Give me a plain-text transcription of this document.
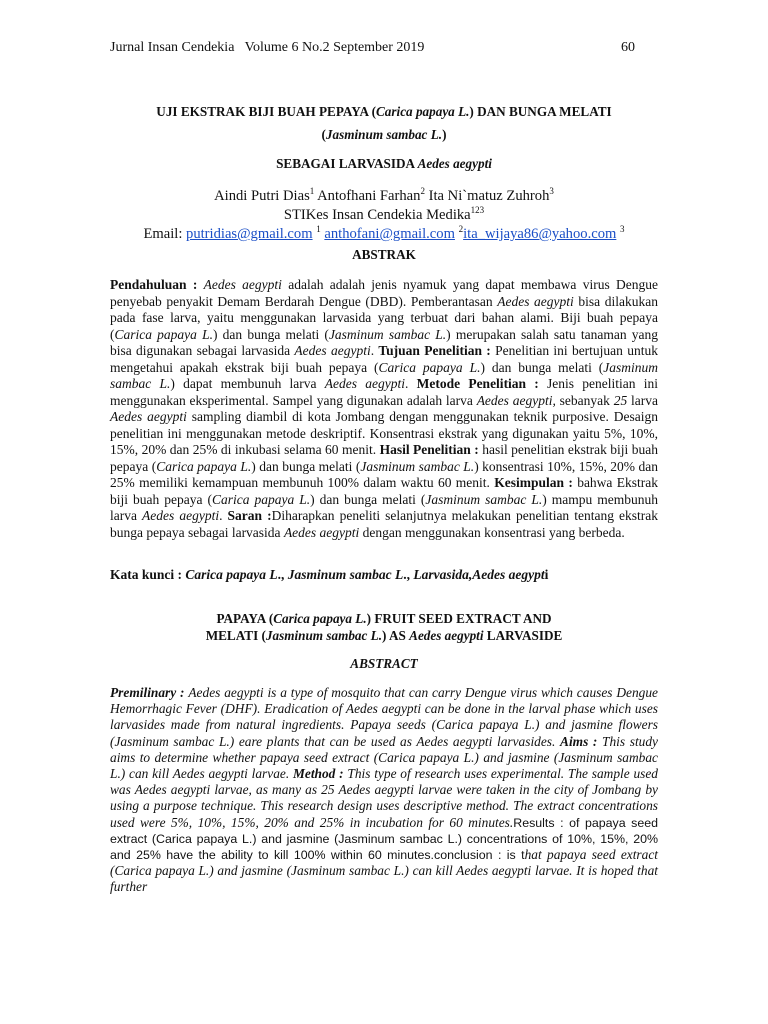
Jurnal Insan Cendekia   Volume 6 No.2 September 2019	60
UJI EKSTRAK BIJI BUAH PEPAYA (Carica papaya L.) DAN BUNGA MELATI
(Jasminum sambac L.)
SEBAGAI LARVASIDA Aedes aegypti
Aindi Putri Dias$^1$ Antofhani Farhan$^2$ Ita Ni`matuz Zuhroh$^3$
STIKes Insan Cendekia Medika$^{123}$
Email: putridias@gmail.com $^1$ anthofani@gmail.com $^2$ita_wijaya86@yahoo.com $^3$
ABSTRAK
Pendahuluan : Aedes aegypti adalah adalah jenis nyamuk yang dapat membawa virus Dengue penyebab penyakit Demam Berdarah Dengue (DBD). Pemberantasan Aedes aegypti bisa dilakukan pada fase larva, yaitu menggunakan larvasida yang terbuat dari bahan alami. Biji buah pepaya (Carica papaya L.) dan bunga melati (Jasminum sambac L.) merupakan salah satu tanaman yang bisa digunakan sebagai larvasida Aedes aegypti. Tujuan Penelitian : Penelitian ini bertujuan untuk mengetahui apakah ekstrak biji buah pepaya (Carica papaya L.) dan bunga melati (Jasminum sambac L.) dapat membunuh larva Aedes aegypti. Metode Penelitian : Jenis penelitian ini menggunakan eksperimental. Sampel yang digunakan adalah larva Aedes aegypti, sebanyak 25 larva Aedes aegypti sampling diambil di kota Jombang dengan menggunakan teknik purposive. Desaign penelitian ini menggunakan metode deskriptif. Konsentrasi ekstrak yang digunakan yaitu 5%, 10%, 15%, 20% dan 25% di inkubasi selama 60 menit. Hasil Penelitian : hasil penelitian ekstrak biji buah pepaya (Carica papaya L.) dan bunga melati (Jasminum sambac L.) konsentrasi 10%, 15%, 20% dan 25% memiliki kemampuan membunuh 100% dalam waktu 60 menit. Kesimpulan : bahwa Ekstrak biji buah pepaya (Carica papaya L.) dan bunga melati (Jasminum sambac L.) mampu membunuh larva Aedes aegypti. Saran :Diharapkan peneliti selanjutnya melakukan penelitian tentang ekstrak bunga pepaya sebagai larvasida Aedes aegypti dengan menggunakan konsentrasi yang berbeda.
Kata kunci : Carica papaya L., Jasminum sambac L., Larvasida,Aedes aegypti
PAPAYA (Carica papaya L.) FRUIT SEED EXTRACT AND
MELATI (Jasminum sambac L.) AS Aedes aegypti LARVASIDE
ABSTRACT
Premilinary : Aedes aegypti is a type of mosquito that can carry Dengue virus which causes Dengue Hemorrhagic Fever (DHF). Eradication of Aedes aegypti can be done in the larval phase which uses larvasides made from natural ingredients. Papaya seeds (Carica papaya L.) and jasmine flowers (Jasminum sambac L.) eare plants that can be used as Aedes aegypti larvasides. Aims : This study aims to determine whether papaya seed extract (Carica papaya L.) and jasmine (Jasminum sambac L.) can kill Aedes aegypti larvae. Method : This type of research uses experimental. The sample used was Aedes aegypti larvae, as many as 25 Aedes aegypti larvae were taken in the city of Jombang by using a purpose technique. This research design uses descriptive method. The extract concentrations used were 5%, 10%, 15%, 20% and 25% in incubation for 60 minutes.Results : of papaya seed extract (Carica papaya L.) and jasmine (Jasminum sambac L.) concentrations of 10%, 15%, 20% and 25% have the ability to kill 100% within 60 minutes.conclusion : is that papaya seed extract (Carica papaya L.) and jasmine (Jasminum sambac L.) can kill Aedes aegypti larvae. It is hoped that further
